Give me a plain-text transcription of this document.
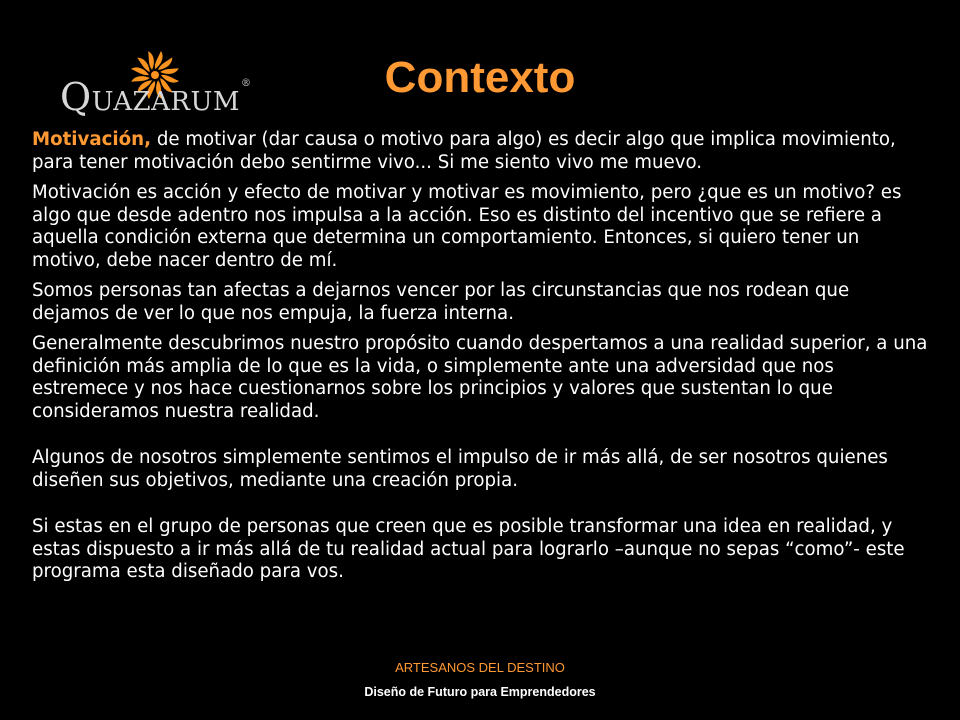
QUAZARUM®	Contexto

Motivación, de motivar (dar causa o motivo para algo) es decir algo que implica movimiento, para tener motivación debo sentirme vivo... Si me siento vivo me muevo.

Motivación es acción y efecto de motivar y motivar es movimiento, pero ¿que es un motivo? es algo que desde adentro nos impulsa a la acción. Eso es distinto del incentivo que se refiere a aquella condición externa que determina un comportamiento. Entonces, si quiero tener un motivo, debe nacer dentro de mí.

Somos personas tan afectas a dejarnos vencer por las circunstancias que nos rodean que dejamos de ver lo que nos empuja, la fuerza interna.

Generalmente descubrimos nuestro propósito cuando despertamos a una realidad superior, a una definición más amplia de lo que es la vida, o simplemente ante una adversidad que nos estremece y nos hace cuestionarnos sobre los principios y valores que sustentan lo que consideramos nuestra realidad.

Algunos de nosotros simplemente sentimos el impulso de ir más allá, de ser nosotros quienes diseñen sus objetivos, mediante una creación propia.

Si estas en el grupo de personas que creen que es posible transformar una idea en realidad, y estas dispuesto a ir más allá de tu realidad actual para lograrlo –aunque no sepas “como”- este programa esta diseñado para vos.

ARTESANOS DEL DESTINO
Diseño de Futuro para Emprendedores
